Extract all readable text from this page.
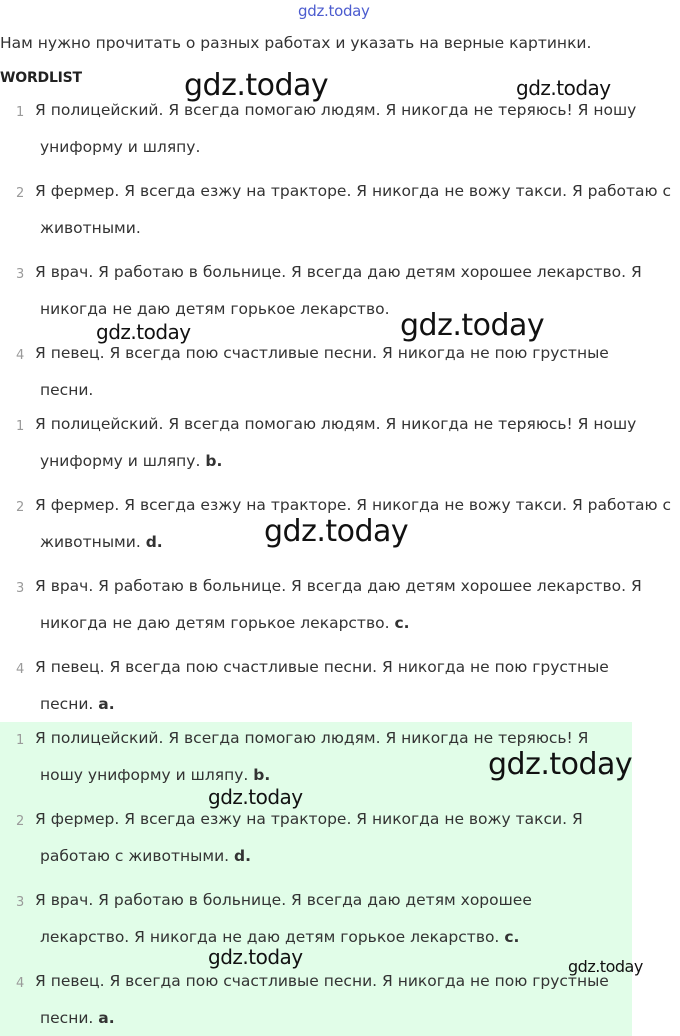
gdz.today
Нам нужно прочитать о разных работах и указать на верные картинки.
WORDLIST
1 Я полицейский. Я всегда помогаю людям. Я никогда не теряюсь! Я ношу
униформу и шляпу.
2 Я фермер. Я всегда езжу на тракторе. Я никогда не вожу такси. Я работаю с
животными.
3 Я врач. Я работаю в больнице. Я всегда даю детям хорошее лекарство. Я
никогда не даю детям горькое лекарство.
4 Я певец. Я всегда пою счастливые песни. Я никогда не пою грустные
песни.
1 Я полицейский. Я всегда помогаю людям. Я никогда не теряюсь! Я ношу
униформу и шляпу. b.
2 Я фермер. Я всегда езжу на тракторе. Я никогда не вожу такси. Я работаю с
животными. d.
3 Я врач. Я работаю в больнице. Я всегда даю детям хорошее лекарство. Я
никогда не даю детям горькое лекарство. c.
4 Я певец. Я всегда пою счастливые песни. Я никогда не пою грустные
песни. a.
1 Я полицейский. Я всегда помогаю людям. Я никогда не теряюсь! Я
ношу униформу и шляпу. b.
2 Я фермер. Я всегда езжу на тракторе. Я никогда не вожу такси. Я
работаю с животными. d.
3 Я врач. Я работаю в больнице. Я всегда даю детям хорошее
лекарство. Я никогда не даю детям горькое лекарство. c.
4 Я певец. Я всегда пою счастливые песни. Я никогда не пою грустные
песни. a.
gdz.today	gdz.today
gdz.today	gdz.today
gdz.today
gdz.today
gdz.today
gdz.today	gdz.today
